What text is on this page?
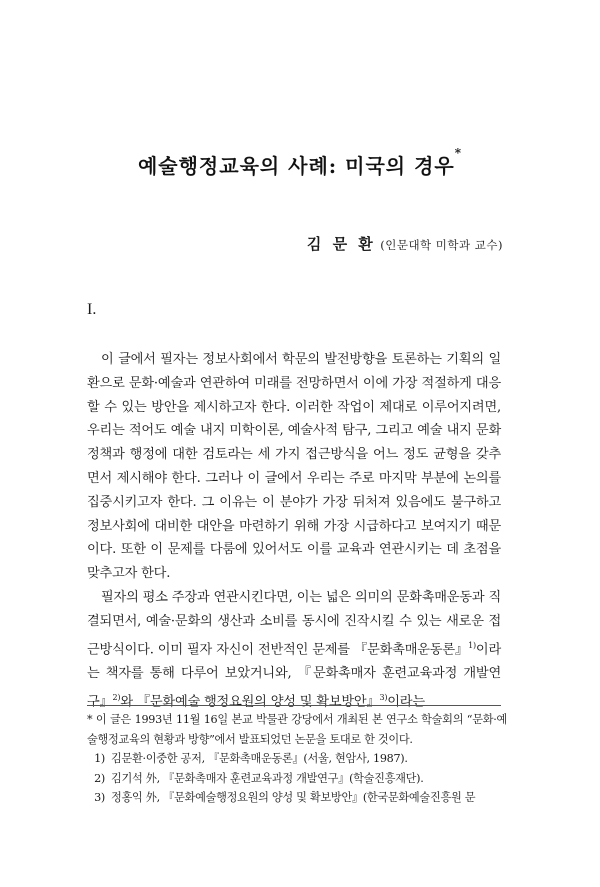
예술행정교육의 사례: 미국의 경우*
김 문 환 (인문대학 미학과 교수)
I.

이 글에서 필자는 정보사회에서 학문의 발전방향을 토론하는 기획의 일환으로 문화·예술과 연관하여 미래를 전망하면서 이에 가장 적절하게 대응할 수 있는 방안을 제시하고자 한다. 이러한 작업이 제대로 이루어지려면, 우리는 적어도 예술 내지 미학이론, 예술사적 탐구, 그리고 예술 내지 문화정책과 행정에 대한 검토라는 세 가지 접근방식을 어느 정도 균형을 갖추면서 제시해야 한다. 그러나 이 글에서 우리는 주로 마지막 부분에 논의를 집중시키고자 한다. 그 이유는 이 분야가 가장 뒤처져 있음에도 불구하고 정보사회에 대비한 대안을 마련하기 위해 가장 시급하다고 보여지기 때문이다. 또한 이 문제를 다룸에 있어서도 이를 교육과 연관시키는 데 초점을 맞추고자 한다.

필자의 평소 주장과 연관시킨다면, 이는 넓은 의미의 문화촉매운동과 직결되면서, 예술·문화의 생산과 소비를 동시에 진작시킬 수 있는 새로운 접근방식이다. 이미 필자 자신이 전반적인 문제를 『문화촉매운동론』$^{1)}$이라는 책자를 통해 다루어 보았거니와, 『문화촉매자 훈련교육과정 개발연구』$^{2)}$와 『문화예술 행정요원의 양성 및 확보방안』$^{3)}$이라는

* 이 글은 1993년 11월 16일 본교 박물관 강당에서 개최된 본 연구소 학술회의 “문화·예술행정교육의 현황과 방향”에서 발표되었던 논문을 토대로 한 것이다.

1) 김문환·이중한 공저, 『문화촉매운동론』(서울, 현암사, 1987).

2) 김기석 外, 『문화촉매자 훈련교육과정 개발연구』(학술진흥재단).

3) 정홍익 外, 『문화예술행정요원의 양성 및 확보방안』(한국문화예술진흥원 문
